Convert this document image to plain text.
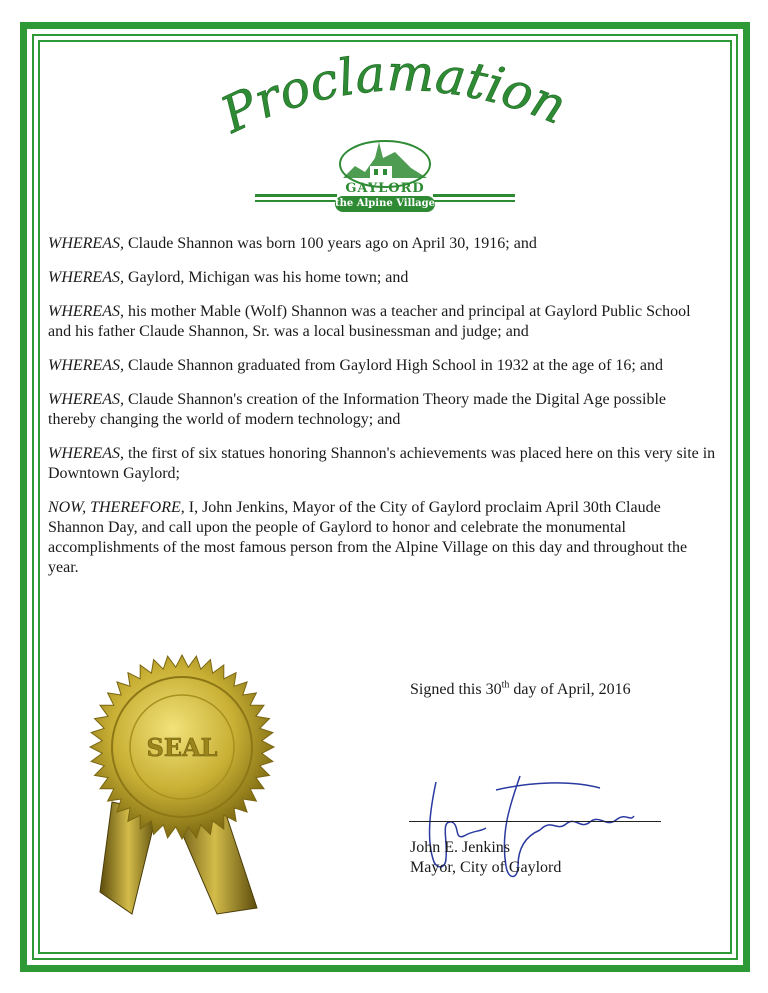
Proclamation
GAYLORD
the Alpine Village

WHEREAS, Claude Shannon was born 100 years ago on April 30, 1916; and

WHEREAS, Gaylord, Michigan was his home town; and

WHEREAS, his mother Mable (Wolf) Shannon was a teacher and principal at Gaylord Public School and his father Claude Shannon, Sr. was a local businessman and judge; and

WHEREAS, Claude Shannon graduated from Gaylord High School in 1932 at the age of 16; and

WHEREAS, Claude Shannon's creation of the Information Theory made the Digital Age possible thereby changing the world of modern technology; and

WHEREAS, the first of six statues honoring Shannon's achievements was placed here on this very site in Downtown Gaylord;

NOW, THEREFORE, I, John Jenkins, Mayor of the City of Gaylord proclaim April 30th Claude Shannon Day, and call upon the people of Gaylord to honor and celebrate the monumental accomplishments of the most famous person from the Alpine Village on this day and throughout the year.

SEAL
Signed this 30th day of April, 2016
John E. Jenkins
Mayor, City of Gaylord
